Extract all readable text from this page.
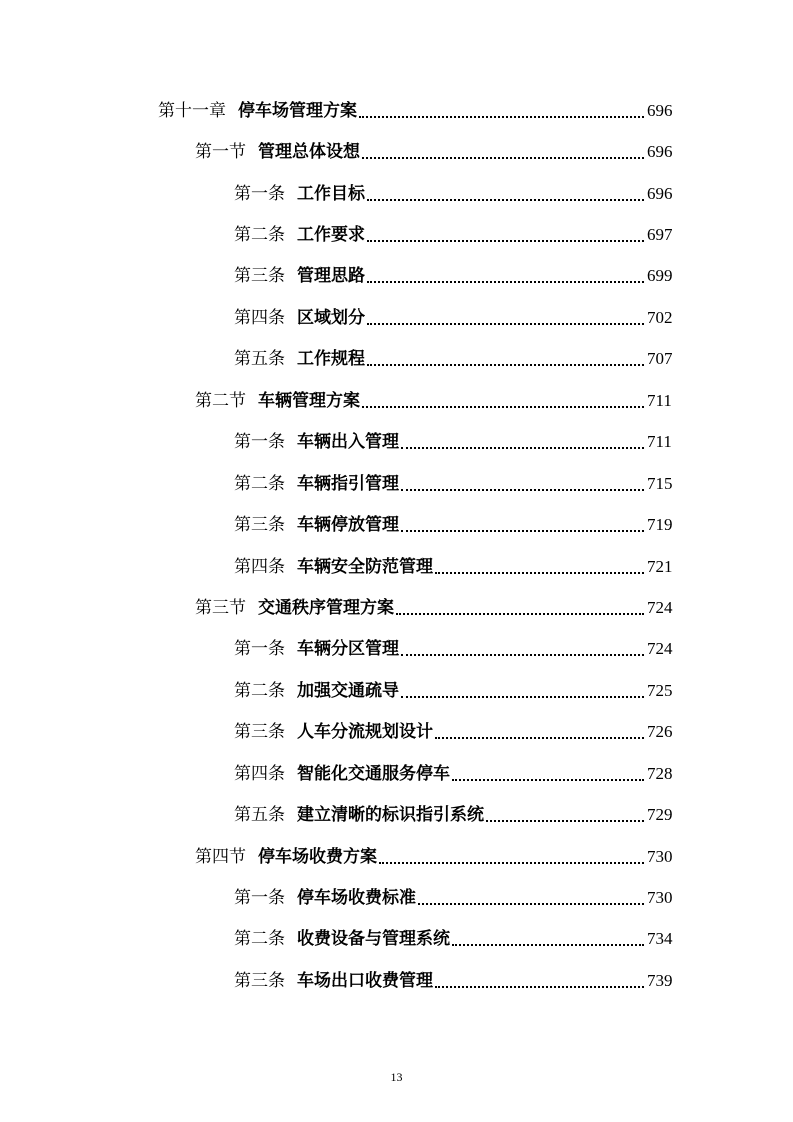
第十一章 停车场管理方案	696
第一节 管理总体设想	696
第一条 工作目标	696
第二条 工作要求	697
第三条 管理思路	699
第四条 区域划分	702
第五条 工作规程	707
第二节 车辆管理方案	711
第一条 车辆出入管理	711
第二条 车辆指引管理	715
第三条 车辆停放管理	719
第四条 车辆安全防范管理	721
第三节 交通秩序管理方案	724
第一条 车辆分区管理	724
第二条 加强交通疏导	725
第三条 人车分流规划设计	726
第四条 智能化交通服务停车	728
第五条 建立清晰的标识指引系统	729
第四节 停车场收费方案	730
第一条 停车场收费标准	730
第二条 收费设备与管理系统	734
第三条 车场出口收费管理	739
13
